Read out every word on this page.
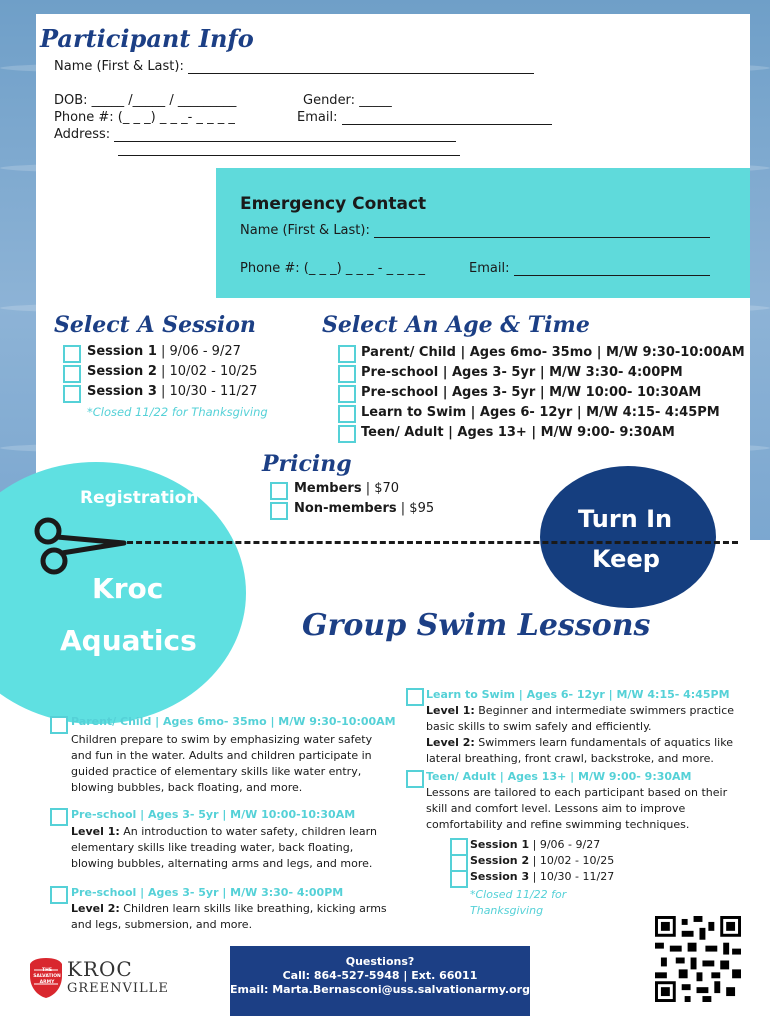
Participant Info
Name (First & Last):
DOB: _____ /_____ / _________	Gender: _____
Phone #: (_ _ _) _ _ _- _ _ _ _	Email:
Address:
Emergency Contact
Name (First & Last):
Phone #: (_ _ _) _ _ _ - _ _ _ _	Email:
Select A Session
Session 1 | 9/06 - 9/27
Session 2 | 10/02 - 10/25
Session 3 | 10/30 - 11/27
*Closed 11/22 for Thanksgiving
Select An Age & Time
Parent/ Child | Ages 6mo- 35mo | M/W 9:30-10:00AM
Pre-school | Ages 3- 5yr | M/W 3:30- 4:00PM
Pre-school | Ages 3- 5yr | M/W 10:00- 10:30AM
Learn to Swim | Ages 6- 12yr | M/W 4:15- 4:45PM
Teen/ Adult | Ages 13+ | M/W 9:00- 9:30AM
Pricing
Members | $70
Non-members | $95
Registration
Kroc
Aquatics
Turn In
Keep
Group Swim Lessons
Parent/ Child | Ages 6mo- 35mo | M/W 9:30-10:00AM
Children prepare to swim by emphasizing water safety and fun in the water. Adults and children participate in guided practice of elementary skills like water entry, blowing bubbles, back floating, and more.
Pre-school | Ages 3- 5yr | M/W 10:00-10:30AM
Level 1: An introduction to water safety, children learn elementary skills like treading water, back floating, blowing bubbles, alternating arms and legs, and more.
Pre-school | Ages 3- 5yr | M/W 3:30- 4:00PM
Level 2: Children learn skills like breathing, kicking arms and legs, submersion, and more.
Learn to Swim | Ages 6- 12yr | M/W 4:15- 4:45PM
Level 1: Beginner and intermediate swimmers practice basic skills to swim safely and efficiently.
Level 2: Swimmers learn fundamentals of aquatics like lateral breathing, front crawl, backstroke, and more.
Teen/ Adult | Ages 13+ | M/W 9:00- 9:30AM
Lessons are tailored to each participant based on their skill and comfort level. Lessons aim to improve comfortability and refine swimming techniques.
Session 1 | 9/06 - 9/27
Session 2 | 10/02 - 10/25
Session 3 | 10/30 - 11/27
*Closed 11/22 for
Thanksgiving
Questions?
Call: 864-527-5948 | Ext. 66011
Email: Marta.Bernasconi@uss.salvationarmy.org
THE SALVATION ARMY
KROC
GREENVILLE
